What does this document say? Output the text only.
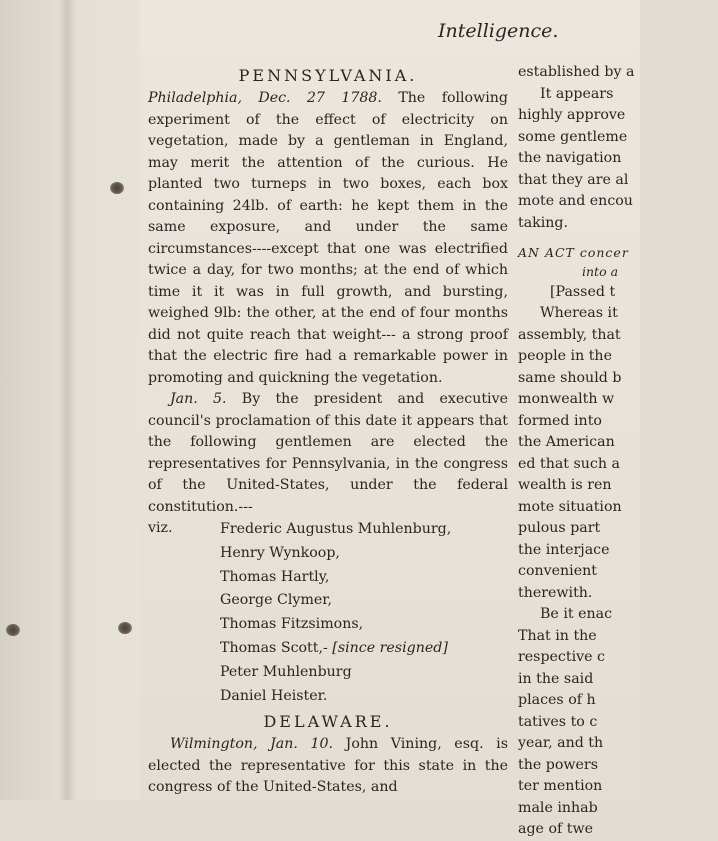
Intelligence.

PENNSYLVANIA.

Philadelphia, Dec. 27 1788. The following experiment of the effect of electricity on vegetation, made by a gentleman in England, may merit the attention of the curious. He planted two turneps in two boxes, each box containing 24lb. of earth: he kept them in the same exposure, and under the same circumstances----except that one was electrified twice a day, for two months; at the end of which time it it was in full growth, and bursting, weighed 9lb: the other, at the end of four months did not quite reach that weight--- a strong proof that the electric fire had a remarkable power in promoting and quickning the vegetation.

Jan. 5. By the president and executive council's proclamation of this date it appears that the following gentlemen are elected the representatives for Pennsylvania, in the congress of the United-States, under the federal constitution.---

viz.	Frederic Augustus Muhlenburg,
Henry Wynkoop,
Thomas Hartly,
George Clymer,
Thomas Fitzsimons,
Thomas Scott,- [since resigned]
Peter Muhlenburg
Daniel Heister.

DELAWARE.

Wilmington, Jan. 10. John Vining, esq. is elected the representative for this state in the congress of the United-States, and

established by a
It appears
highly approve
some gentleme
the navigation
that they are al
mote and encou
taking.
AN ACT concer
into a
[Passed t
Whereas it
assembly, that
people in the
same should b
monwealth w
formed into
the American
ed that such a
wealth is ren
mote situation
pulous part
the interjace
convenient
therewith.
Be it enac
That in the
respective c
in the said
places of h
tatives to c
year, and th
the powers
ter mention
male inhab
age of twe
